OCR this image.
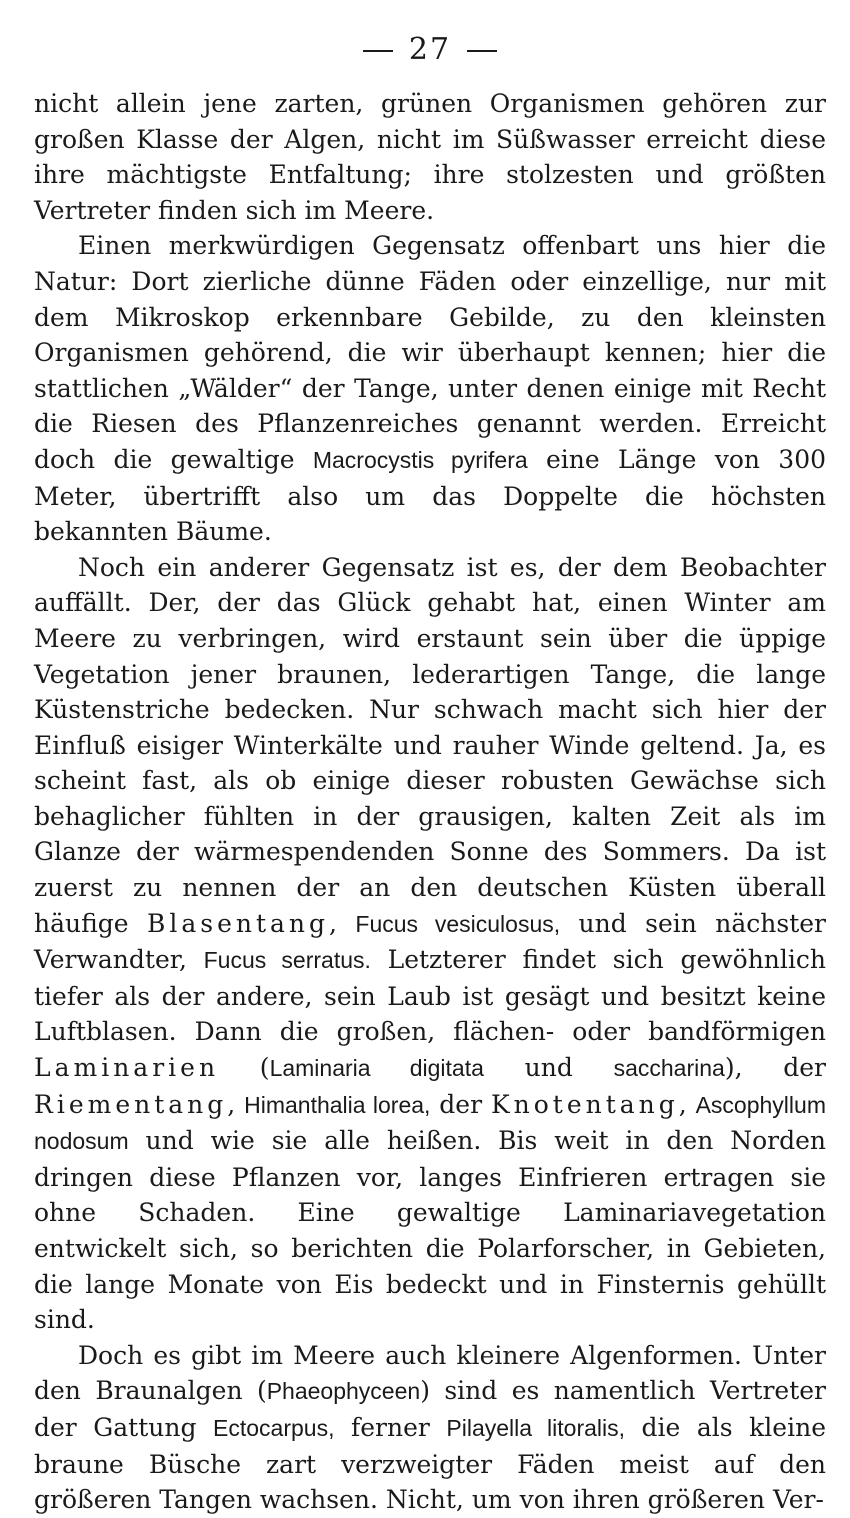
27

nicht allein jene zarten, grünen Organismen gehören zur großen Klasse der Algen, nicht im Süßwasser erreicht diese ihre mächtigste Entfaltung; ihre stolzesten und größten Vertreter finden sich im Meere.

Einen merkwürdigen Gegensatz offenbart uns hier die Natur: Dort zierliche dünne Fäden oder einzellige, nur mit dem Mikroskop erkennbare Gebilde, zu den kleinsten Organismen gehörend, die wir überhaupt kennen; hier die stattlichen „Wälder“ der Tange, unter denen einige mit Recht die Riesen des Pflanzenreiches genannt werden. Erreicht doch die gewaltige Macrocystis pyrifera eine Länge von 300 Meter, übertrifft also um das Doppelte die höchsten bekannten Bäume.

Noch ein anderer Gegensatz ist es, der dem Beobachter auffällt. Der, der das Glück gehabt hat, einen Winter am Meere zu verbringen, wird erstaunt sein über die üppige Vegetation jener braunen, lederartigen Tange, die lange Küstenstriche bedecken. Nur schwach macht sich hier der Einfluß eisiger Winterkälte und rauher Winde geltend. Ja, es scheint fast, als ob einige dieser robusten Gewächse sich behaglicher fühlten in der grausigen, kalten Zeit als im Glanze der wärmespendenden Sonne des Sommers. Da ist zuerst zu nennen der an den deutschen Küsten überall häufige Blasentang, Fucus vesiculosus, und sein nächster Verwandter, Fucus serratus. Letzterer findet sich gewöhnlich tiefer als der andere, sein Laub ist gesägt und besitzt keine Luftblasen. Dann die großen, flächen- oder bandförmigen Laminarien (Laminaria digitata und saccharina), der Riementang, Himanthalia lorea, der Knotentang, Ascophyllum nodosum und wie sie alle heißen. Bis weit in den Norden dringen diese Pflanzen vor, langes Einfrieren ertragen sie ohne Schaden. Eine gewaltige Laminariavegetation entwickelt sich, so berichten die Polarforscher, in Gebieten, die lange Monate von Eis bedeckt und in Finsternis gehüllt sind.

Doch es gibt im Meere auch kleinere Algenformen. Unter den Braunalgen (Phaeophyceen) sind es namentlich Vertreter der Gattung Ectocarpus, ferner Pilayella litoralis, die als kleine braune Büsche zart verzweigter Fäden meist auf den größeren Tangen wachsen. Nicht, um von ihren größeren Ver-
